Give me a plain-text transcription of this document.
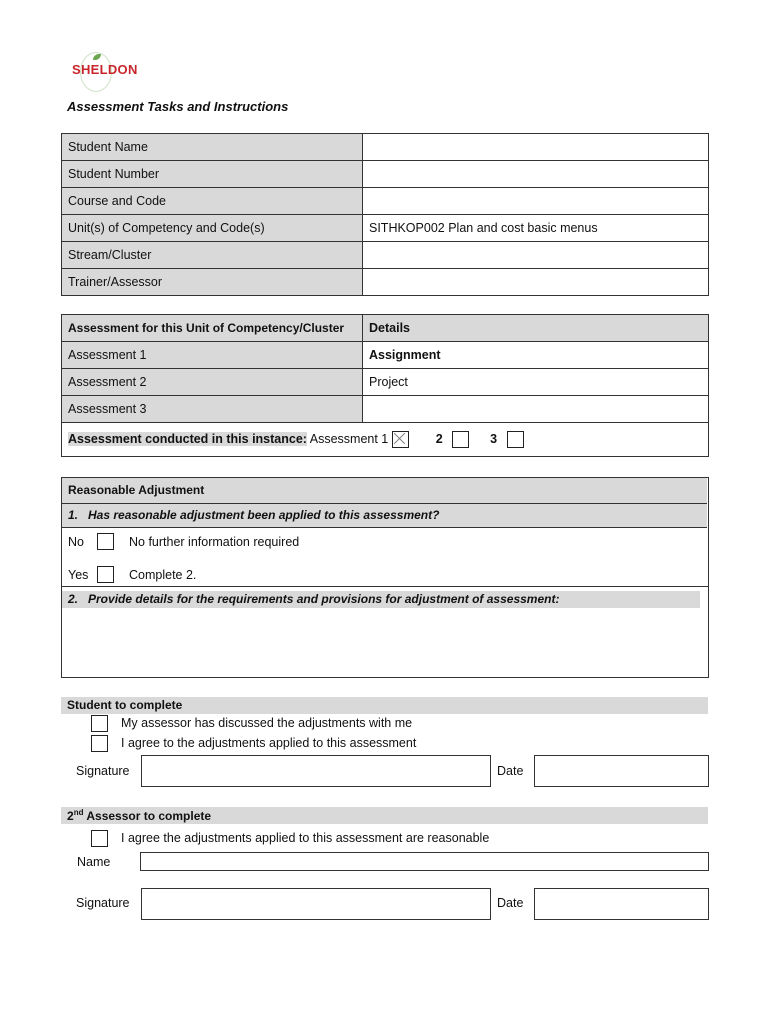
SHELDON
Assessment Tasks and Instructions
Student Name	
Student Number	
Course and Code	
Unit(s) of Competency and Code(s)	SITHKOP002 Plan and cost basic menus
Stream/Cluster	
Trainer/Assessor	
Assessment for this Unit of Competency/Cluster	Details
Assessment 1	Assignment
Assessment 2	Project
Assessment 3	
Assessment conducted in this instance: Assessment 1 2 3	
Reasonable Adjustment
1.   Has reasonable adjustment been applied to this assessment?
No	No further information required
Yes	Complete 2.
2.   Provide details for the requirements and provisions for adjustment of assessment:
Student to complete
My assessor has discussed the adjustments with me
I agree to the adjustments applied to this assessment
Signature	Date
2nd Assessor to complete
I agree the adjustments applied to this assessment are reasonable
Name
Signature	Date
